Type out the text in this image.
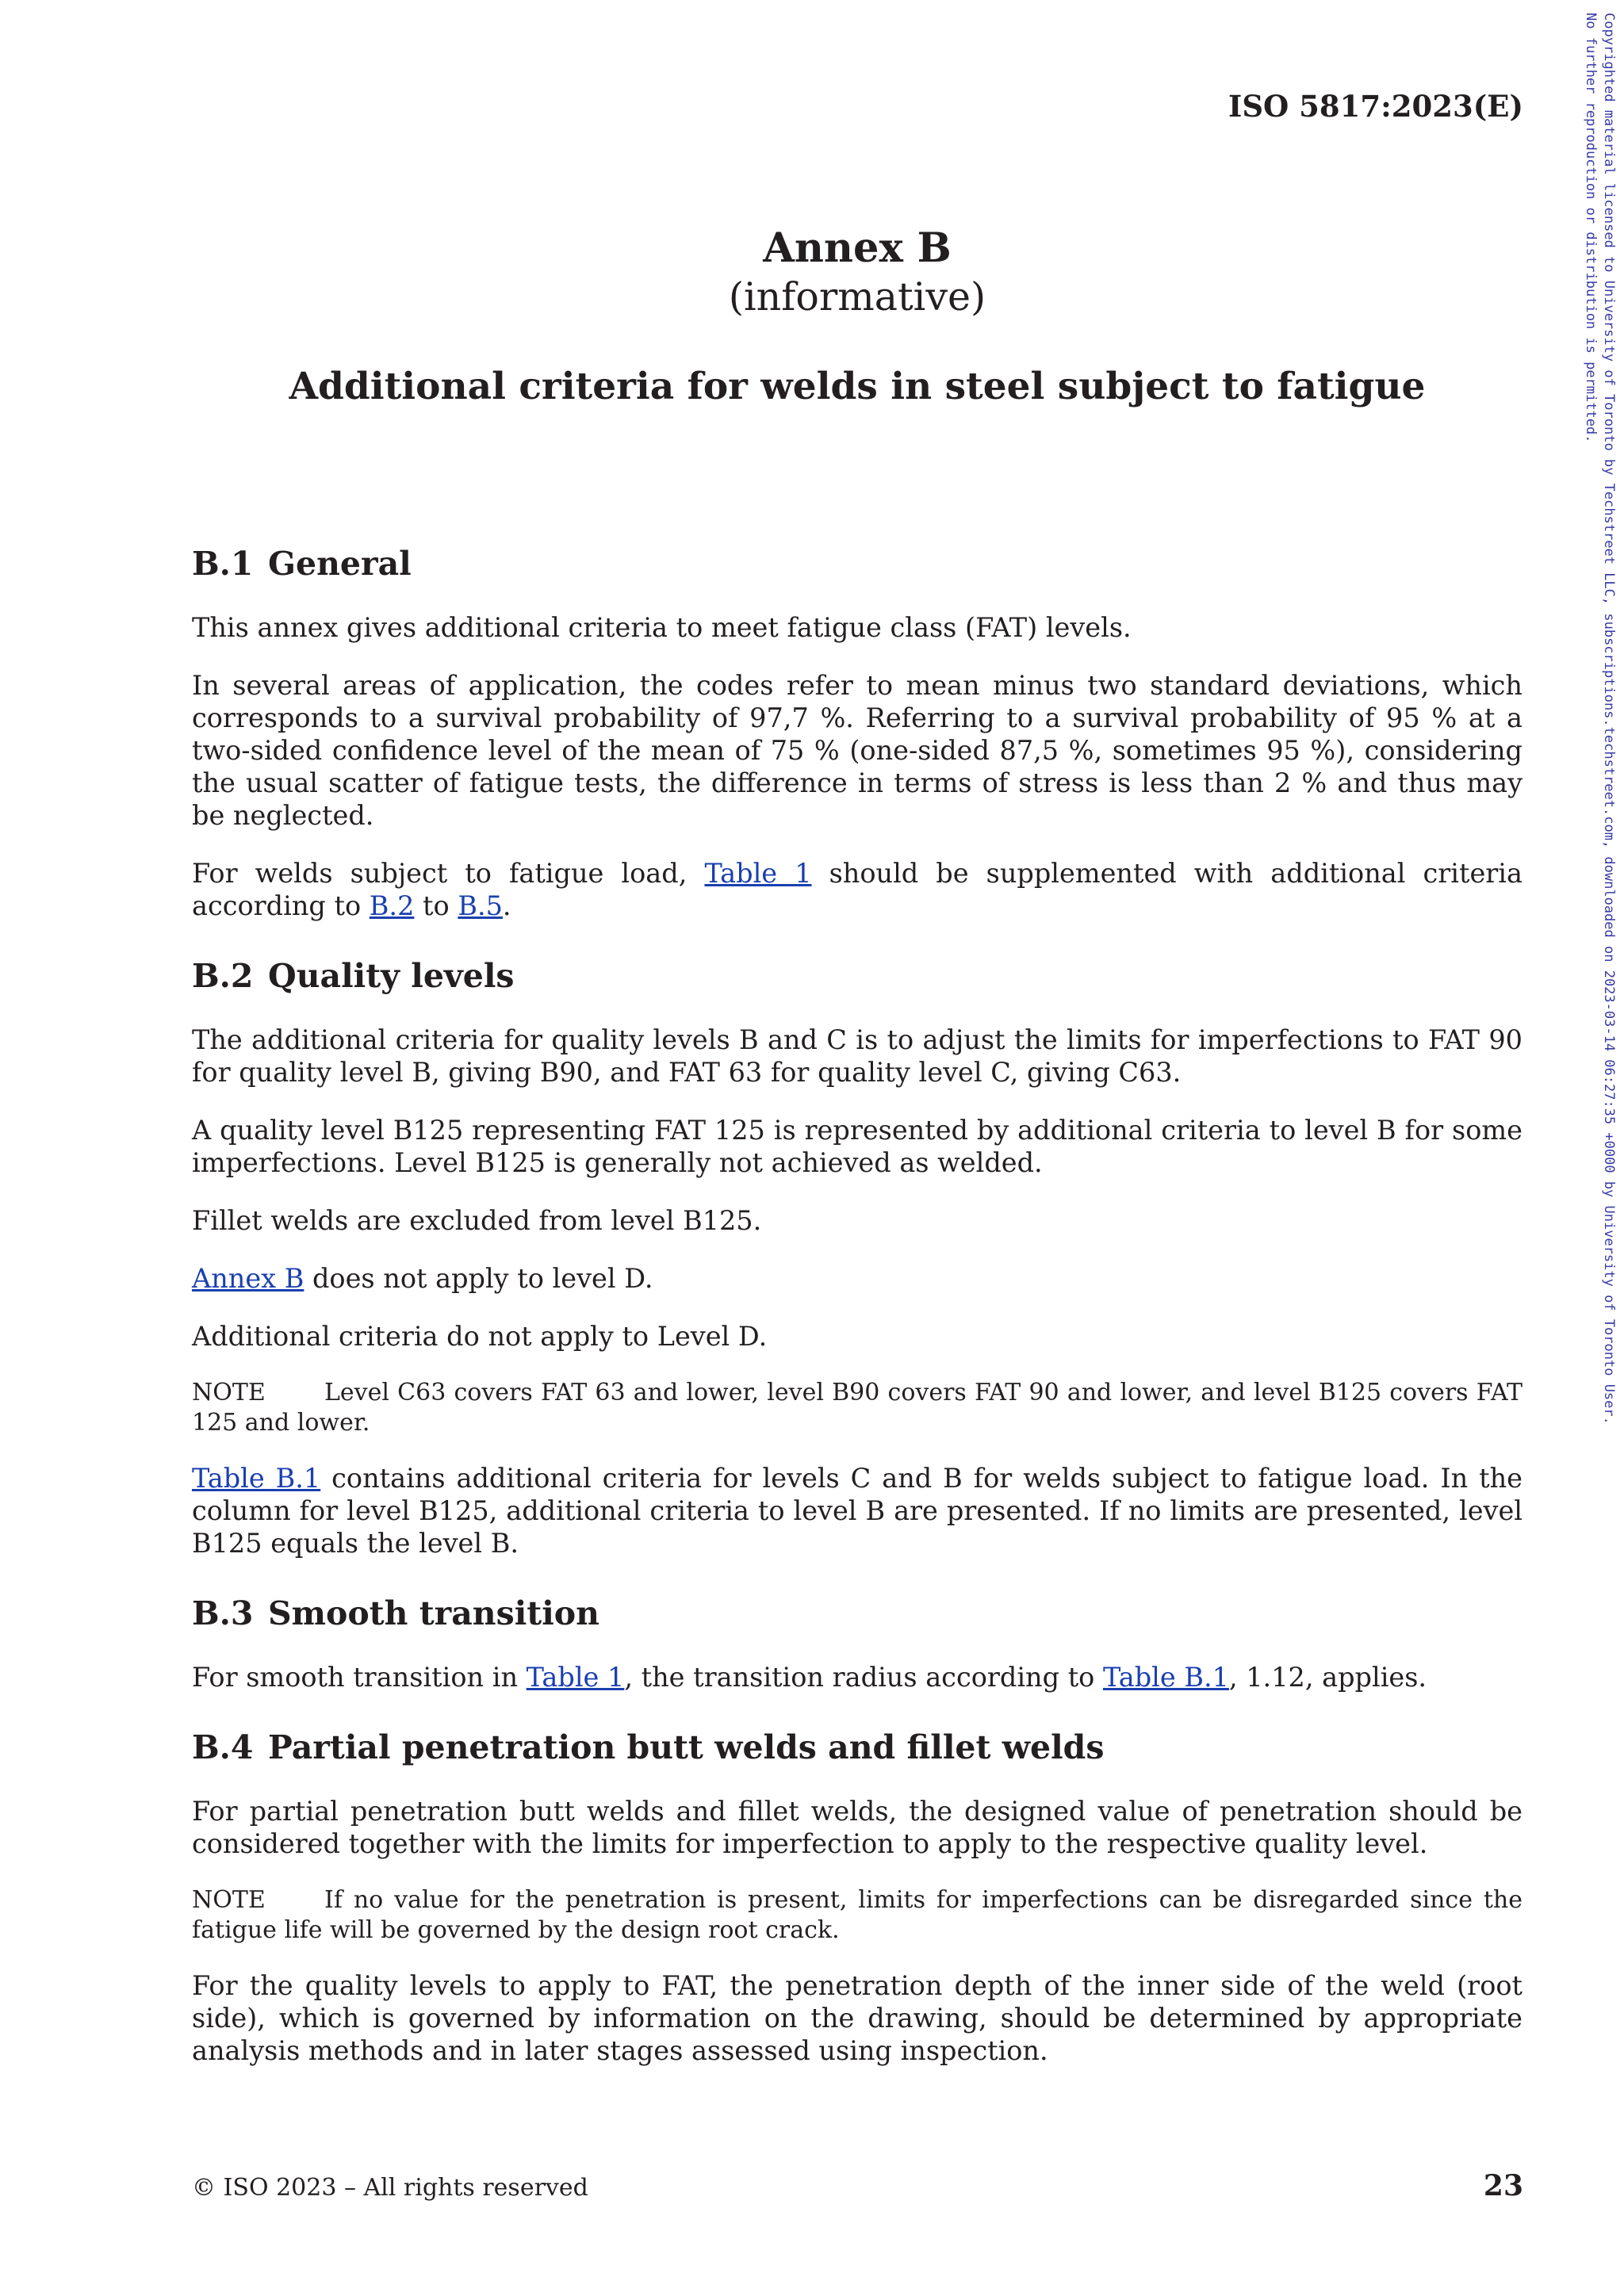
ISO 5817:2023(E)	Copyrighted material licensed to University of Toronto by Techstreet LLC, subscriptions.techstreet.com, downloaded on 2023-03-14 06:27:35 +0000 by University of Toronto User.
No further reproduction or distribution is permitted.

Annex B

(informative)

Additional criteria for welds in steel subject to fatigue

B.1 General

This annex gives additional criteria to meet fatigue class (FAT) levels.

In several areas of application, the codes refer to mean minus two standard deviations, which corresponds to a survival probability of 97,7 %. Referring to a survival probability of 95 % at a two-sided confidence level of the mean of 75 % (one-sided 87,5 %, sometimes 95 %), considering the usual scatter of fatigue tests, the difference in terms of stress is less than 2 % and thus may be neglected.

For welds subject to fatigue load, Table 1 should be supplemented with additional criteria according to B.2 to B.5.

B.2 Quality levels

The additional criteria for quality levels B and C is to adjust the limits for imperfections to FAT 90 for quality level B, giving B90, and FAT 63 for quality level C, giving C63.

A quality level B125 representing FAT 125 is represented by additional criteria to level B for some imperfections. Level B125 is generally not achieved as welded.

Fillet welds are excluded from level B125.

Annex B does not apply to level D.

Additional criteria do not apply to Level D.

NOTE Level C63 covers FAT 63 and lower, level B90 covers FAT 90 and lower, and level B125 covers FAT 125 and lower.

Table B.1 contains additional criteria for levels C and B for welds subject to fatigue load. In the column for level B125, additional criteria to level B are presented. If no limits are presented, level B125 equals the level B.

B.3 Smooth transition

For smooth transition in Table 1, the transition radius according to Table B.1, 1.12, applies.

B.4 Partial penetration butt welds and fillet welds

For partial penetration butt welds and fillet welds, the designed value of penetration should be considered together with the limits for imperfection to apply to the respective quality level.

NOTE If no value for the penetration is present, limits for imperfections can be disregarded since the fatigue life will be governed by the design root crack.

For the quality levels to apply to FAT, the penetration depth of the inner side of the weld (root side), which is governed by information on the drawing, should be determined by appropriate analysis methods and in later stages assessed using inspection.

© ISO 2023 – All rights reserved	23
